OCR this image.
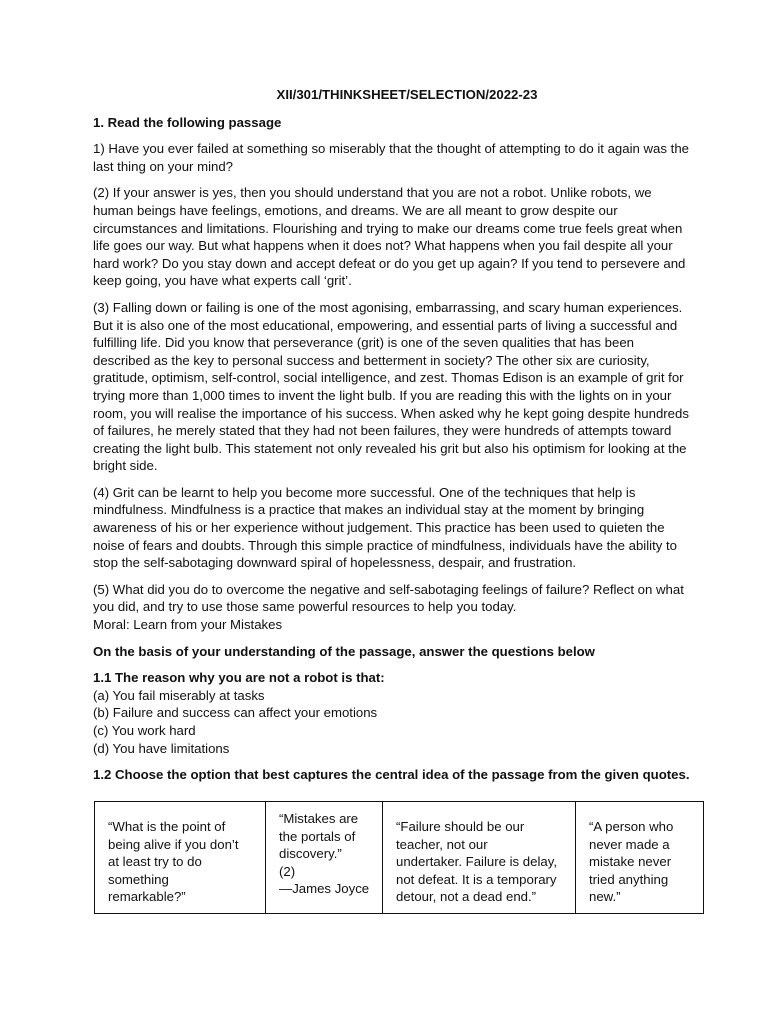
XII/301/THINKSHEET/SELECTION/2022-23
1. Read the following passage

1) Have you ever failed at something so miserably that the thought of attempting to do it again was the last thing on your mind?

(2) If your answer is yes, then you should understand that you are not a robot. Unlike robots, we human beings have feelings, emotions, and dreams. We are all meant to grow despite our circumstances and limitations. Flourishing and trying to make our dreams come true feels great when life goes our way. But what happens when it does not? What happens when you fail despite all your hard work? Do you stay down and accept defeat or do you get up again? If you tend to persevere and keep going, you have what experts call ‘grit’.

(3) Falling down or failing is one of the most agonising, embarrassing, and scary human experiences. But it is also one of the most educational, empowering, and essential parts of living a successful and fulfilling life. Did you know that perseverance (grit) is one of the seven qualities that has been described as the key to personal success and betterment in society? The other six are curiosity, gratitude, optimism, self-control, social intelligence, and zest. Thomas Edison is an example of grit for trying more than 1,000 times to invent the light bulb. If you are reading this with the lights on in your room, you will realise the importance of his success. When asked why he kept going despite hundreds of failures, he merely stated that they had not been failures, they were hundreds of attempts toward creating the light bulb. This statement not only revealed his grit but also his optimism for looking at the bright side.

(4) Grit can be learnt to help you become more successful. One of the techniques that help is mindfulness. Mindfulness is a practice that makes an individual stay at the moment by bringing awareness of his or her experience without judgement. This practice has been used to quieten the noise of fears and doubts. Through this simple practice of mindfulness, individuals have the ability to stop the self-sabotaging downward spiral of hopelessness, despair, and frustration.

(5) What did you do to overcome the negative and self-sabotaging feelings of failure? Reflect on what you did, and try to use those same powerful resources to help you today.

Moral: Learn from your Mistakes

On the basis of your understanding of the passage, answer the questions below
1.1 The reason why you are not a robot is that:
(a) You fail miserably at tasks
(b) Failure and success can affect your emotions
(c) You work hard
(d) You have limitations
1.2 Choose the option that best captures the central idea of the passage from the given quotes.
“What is the point of
being alive if you don’t
at least try to do
something
remarkable?”

“Mistakes are
the portals of
discovery.”
(2)
—James Joyce

“Failure should be our
teacher, not our
undertaker. Failure is delay,
not defeat. It is a temporary
detour, not a dead end.”

“A person who
never made a
mistake never
tried anything
new.”
